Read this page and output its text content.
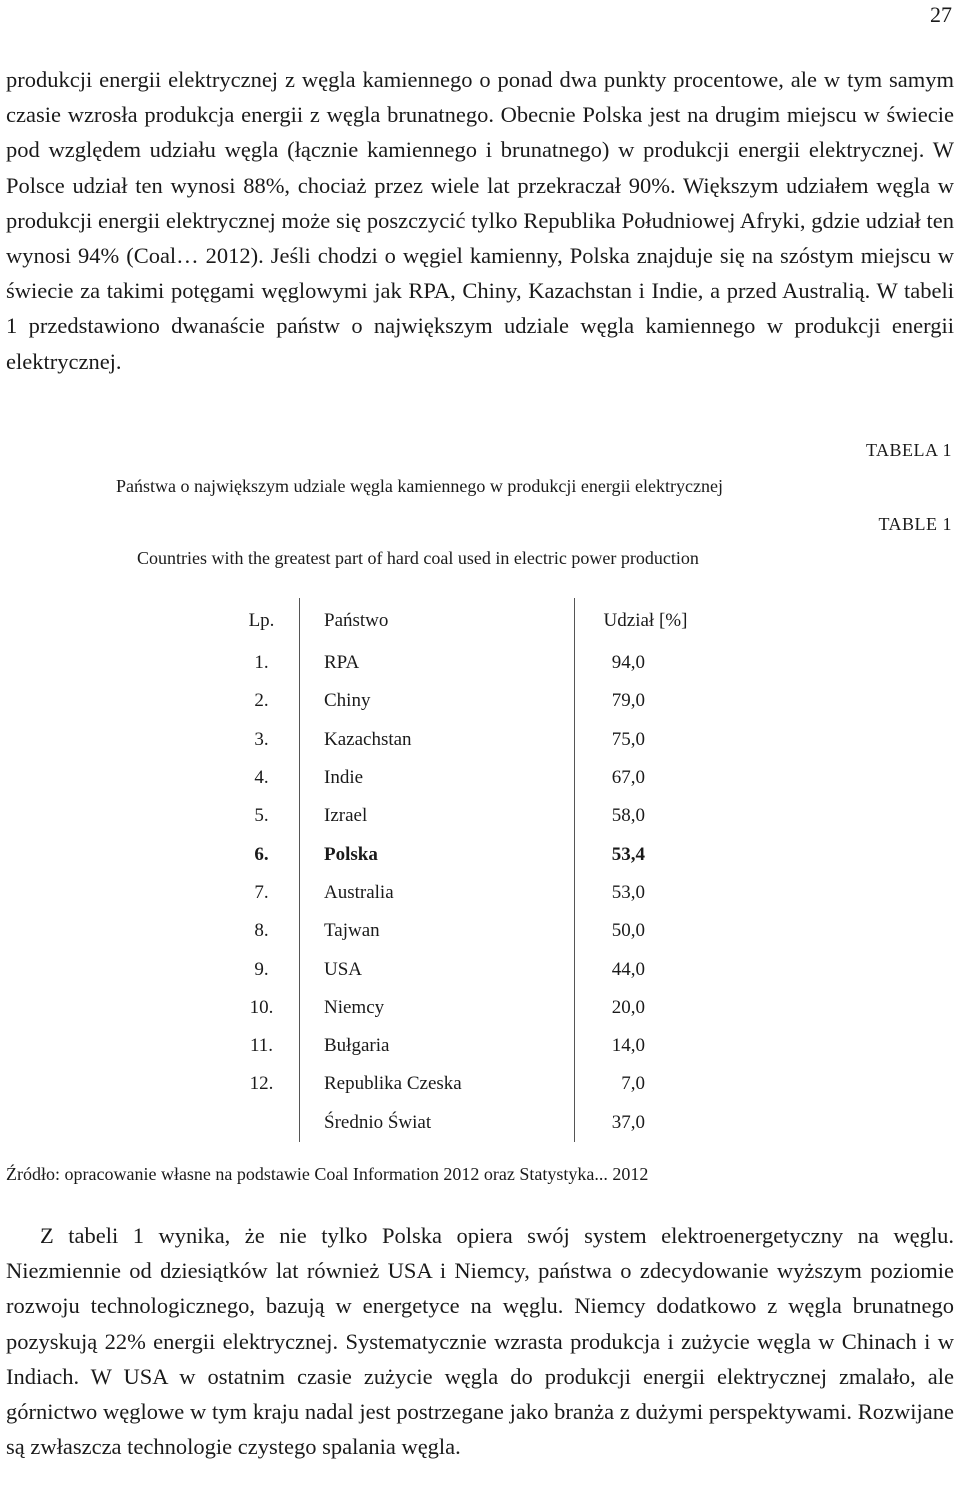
27

produkcji energii elektrycznej z węgla kamiennego o ponad dwa punkty procentowe, ale w tym samym czasie wzrosła produkcja energii z węgla brunatnego. Obecnie Polska jest na drugim miejscu w świecie pod względem udziału węgla (łącznie kamiennego i brunatnego) w produkcji energii elektrycznej. W Polsce udział ten wynosi 88%, chociaż przez wiele lat przekraczał 90%. Większym udziałem węgla w produkcji energii elektrycznej może się poszczycić tylko Republika Południowej Afryki, gdzie udział ten wynosi 94% (Coal… 2012). Jeśli chodzi o węgiel kamienny, Polska znajduje się na szóstym miejscu w świecie za takimi potęgami węglowymi jak RPA, Chiny, Kazachstan i Indie, a przed Australią. W tabeli 1 przedstawiono dwanaście państw o największym udziale węgla kamiennego w produkcji energii elektrycznej.

TABELA 1
Państwa o największym udziale węgla kamiennego w produkcji energii elektrycznej
TABLE 1
Countries with the greatest part of hard coal used in electric power production
Lp.	Państwo	Udział [%]
1.	RPA	94,0
2.	Chiny	79,0
3.	Kazachstan	75,0
4.	Indie	67,0
5.	Izrael	58,0
6.	Polska	53,4
7.	Australia	53,0
8.	Tajwan	50,0
9.	USA	44,0
10.	Niemcy	20,0
11.	Bułgaria	14,0
12.	Republika Czeska	7,0
	Średnio Świat	37,0
Źródło: opracowanie własne na podstawie Coal Information 2012 oraz Statystyka... 2012

Z tabeli 1 wynika, że nie tylko Polska opiera swój system elektroenergetyczny na węglu. Niezmiennie od dziesiątków lat również USA i Niemcy, państwa o zdecydowanie wyższym poziomie rozwoju technologicznego, bazują w energetyce na węglu. Niemcy dodatkowo z węgla brunatnego pozyskują 22% energii elektrycznej. Systematycznie wzrasta produkcja i zużycie węgla w Chinach i w Indiach. W USA w ostatnim czasie zużycie węgla do produkcji energii elektrycznej zmalało, ale górnictwo węglowe w tym kraju nadal jest postrzegane jako branża z dużymi perspektywami. Rozwijane są zwłaszcza technologie czystego spalania węgla.
